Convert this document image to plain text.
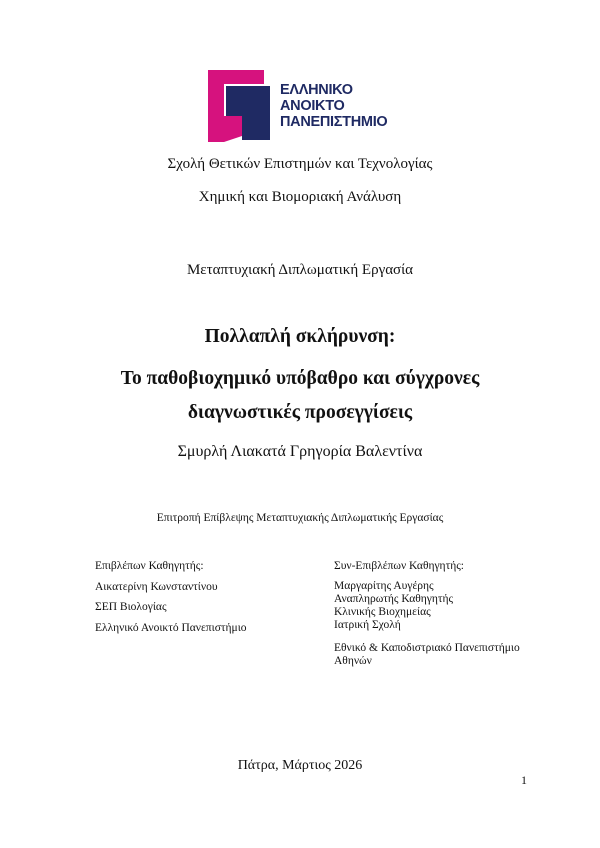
ΕΛΛΗΝΙΚΟ
ΑΝΟΙΚΤΟ
ΠΑΝΕΠΙΣΤΗΜΙΟ
Σχολή Θετικών Επιστημών και Τεχνολογίας
Χημική και Βιομοριακή Ανάλυση
Μεταπτυχιακή Διπλωματική Εργασία
Πολλαπλή σκλήρυνση:
Το παθοβιοχημικό υπόβαθρο και σύγχρονες
διαγνωστικές προσεγγίσεις
Σμυρλή Λιακατά Γρηγορία Βαλεντίνα
Επιτροπή Επίβλεψης Μεταπτυχιακής Διπλωματικής Εργασίας
Επιβλέπων Καθηγητής:
Αικατερίνη Κωνσταντίνου
ΣΕΠ Βιολογίας
Ελληνικό Ανοικτό Πανεπιστήμιο
Συν-Επιβλέπων Καθηγητής:
Μαργαρίτης Αυγέρης
Αναπληρωτής Καθηγητής
Κλινικής Βιοχημείας
Ιατρική Σχολή
Εθνικό & Καποδιστριακό Πανεπιστήμιο
Αθηνών
Πάτρα, Μάρτιος 2026
1
